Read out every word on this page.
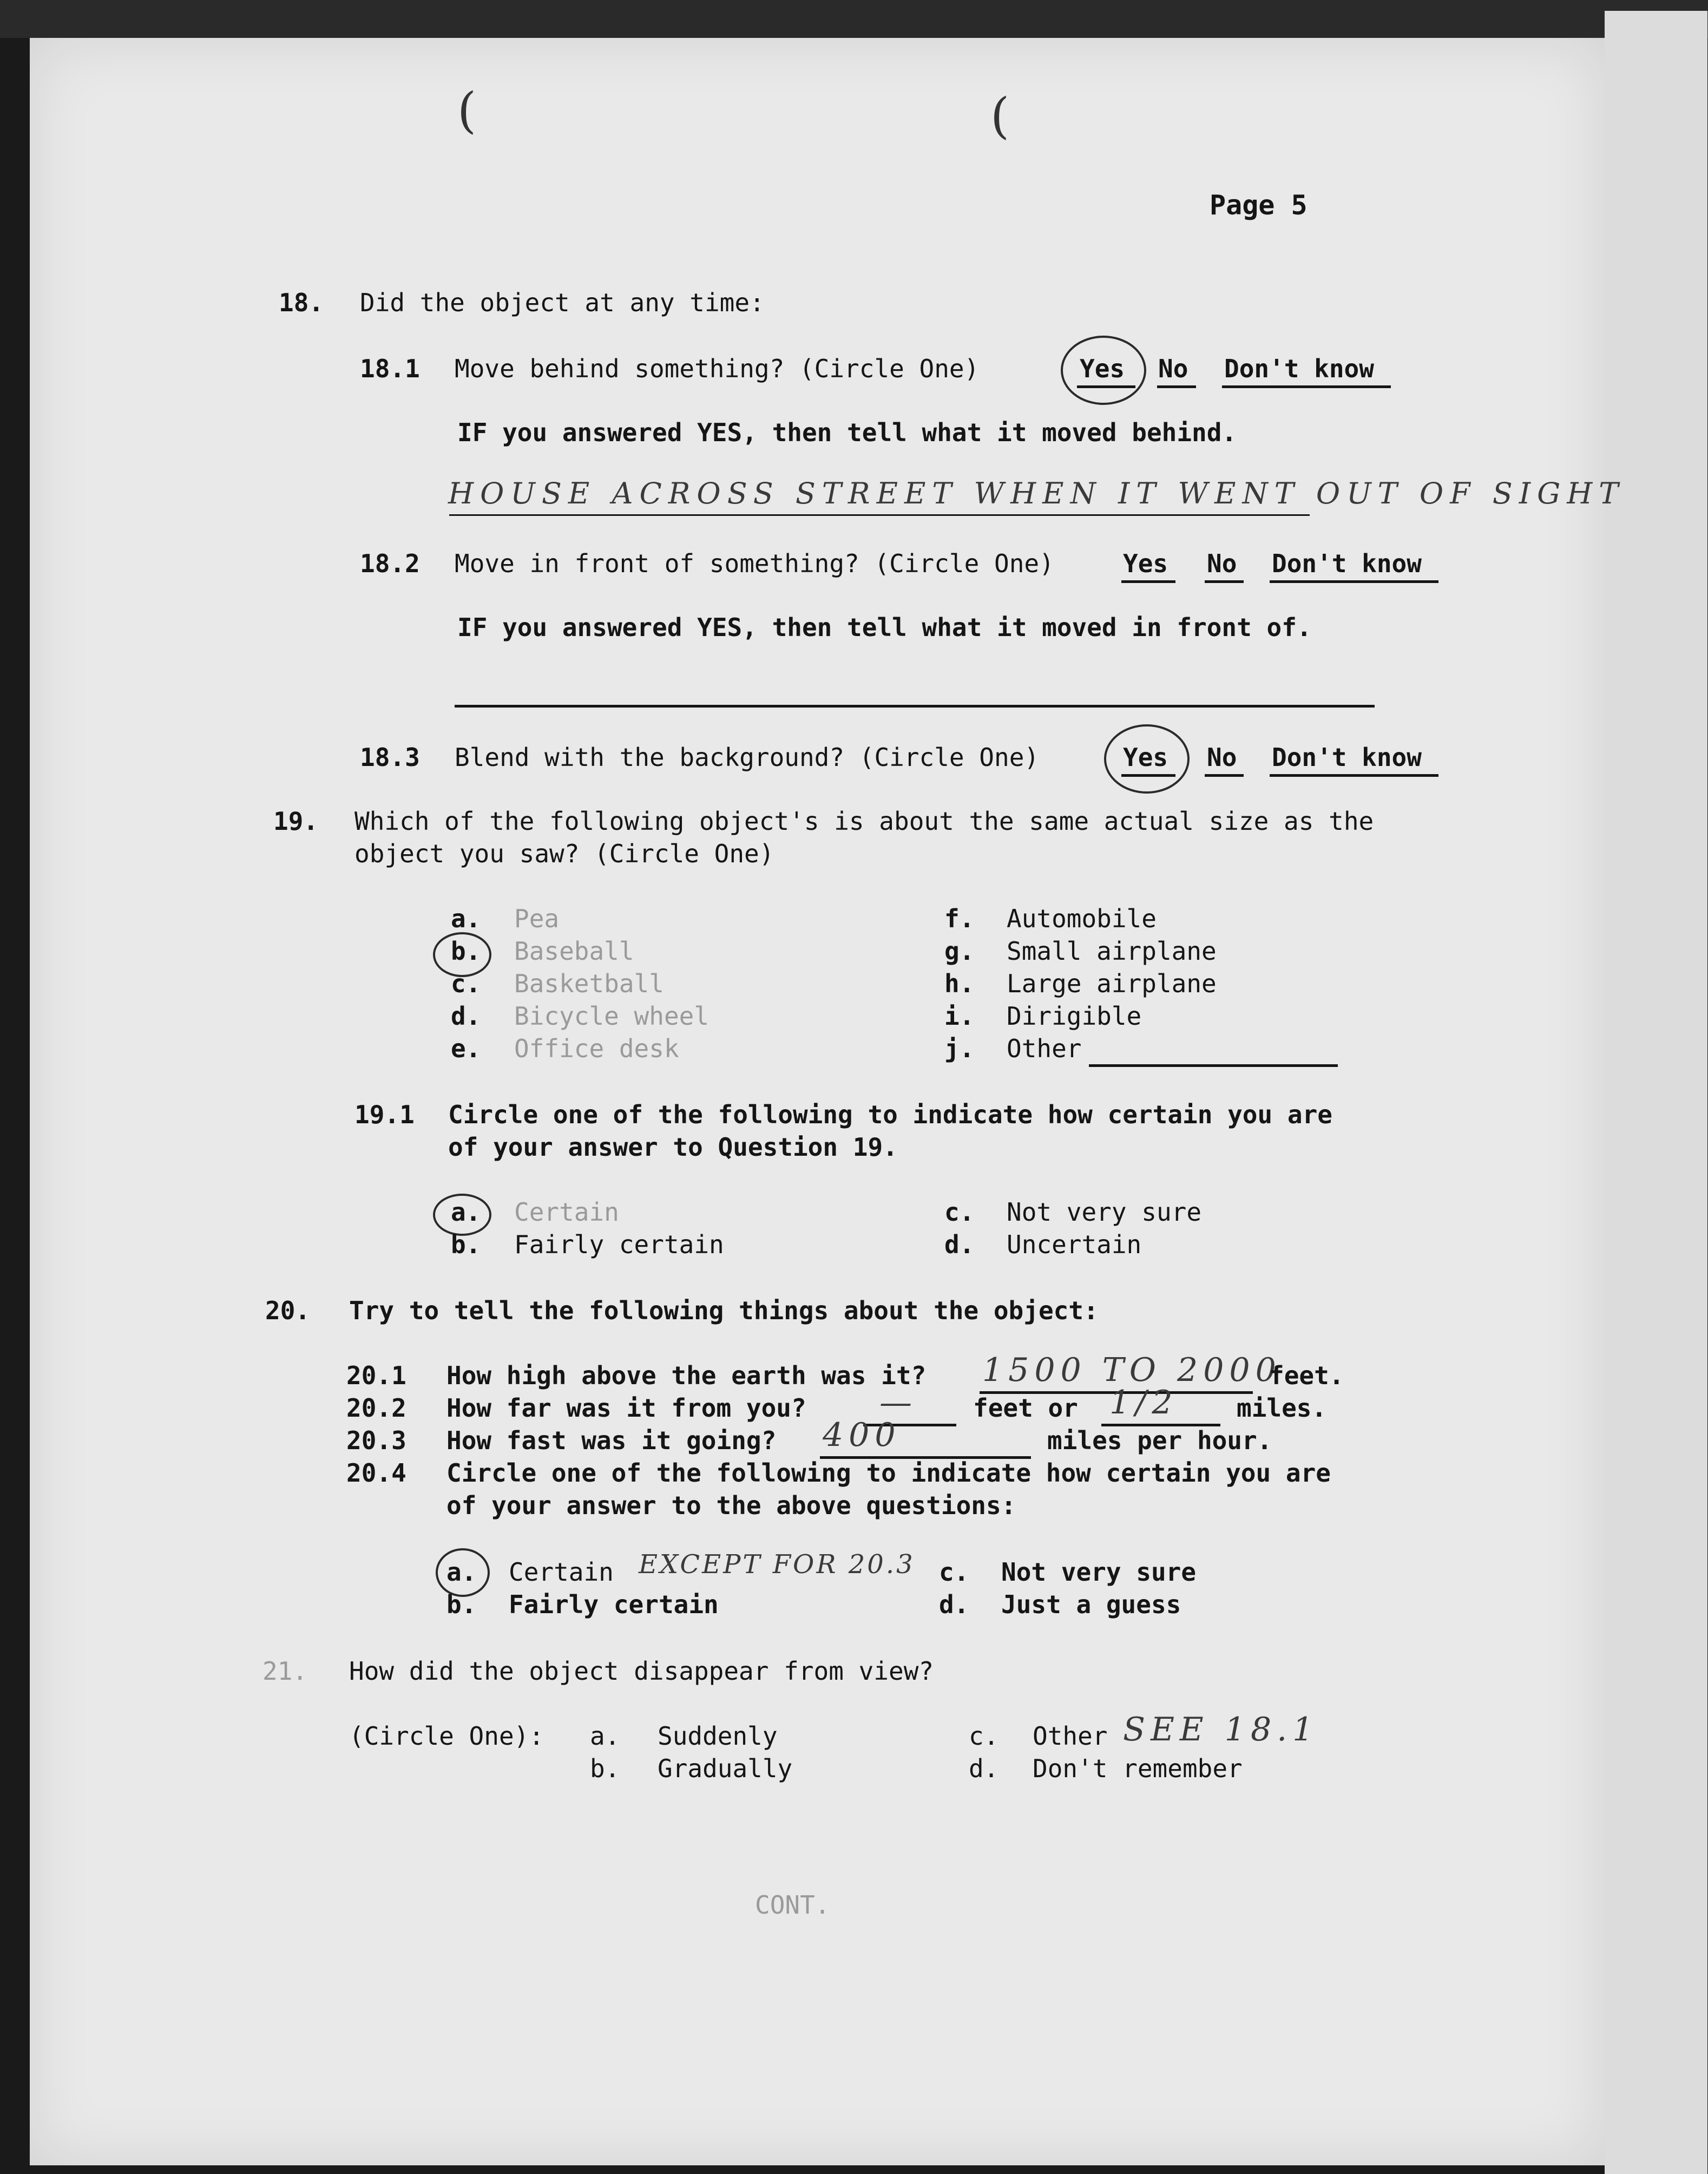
(	(
Page 5
18. Did the object at any time:
18.1 Move behind something? (Circle One)	Yes No Don't know
IF you answered YES, then tell what it moved behind.
HOUSE ACROSS STREET WHEN IT WENT OUT OF SIGHT
18.2 Move in front of something? (Circle One)	Yes No Don't know
IF you answered YES, then tell what it moved in front of.
18.3 Blend with the background? (Circle One)	Yes No Don't know
19. Which of the following object's is about the same actual size as the
object you saw? (Circle One)
a. Pea
b. Baseball
c. Basketball
d. Bicycle wheel
e. Office desk
f. Automobile
g. Small airplane
h. Large airplane
i. Dirigible
j. Other
19.1 Circle one of the following to indicate how certain you are
of your answer to Question 19.
a. Certain
b. Fairly certain
c. Not very sure
d. Uncertain
20. Try to tell the following things about the object:
20.1 How high above the earth was it? 1500 TO 2000
feet.
20.2 How far was it from you? — feet or 1/2 miles.
20.3 How fast was it going? 400	miles per hour.
20.4 Circle one of the following to indicate how certain you are
of your answer to the above questions:
a. Certain EXCEPT FOR 20.3
b. Fairly certain
c. Not very sure
d. Just a guess
21. How did the object disappear from view?
(Circle One): a. Suddenly
b. Gradually
c. Other SEE 18.1
d. Don't remember
CONT.
